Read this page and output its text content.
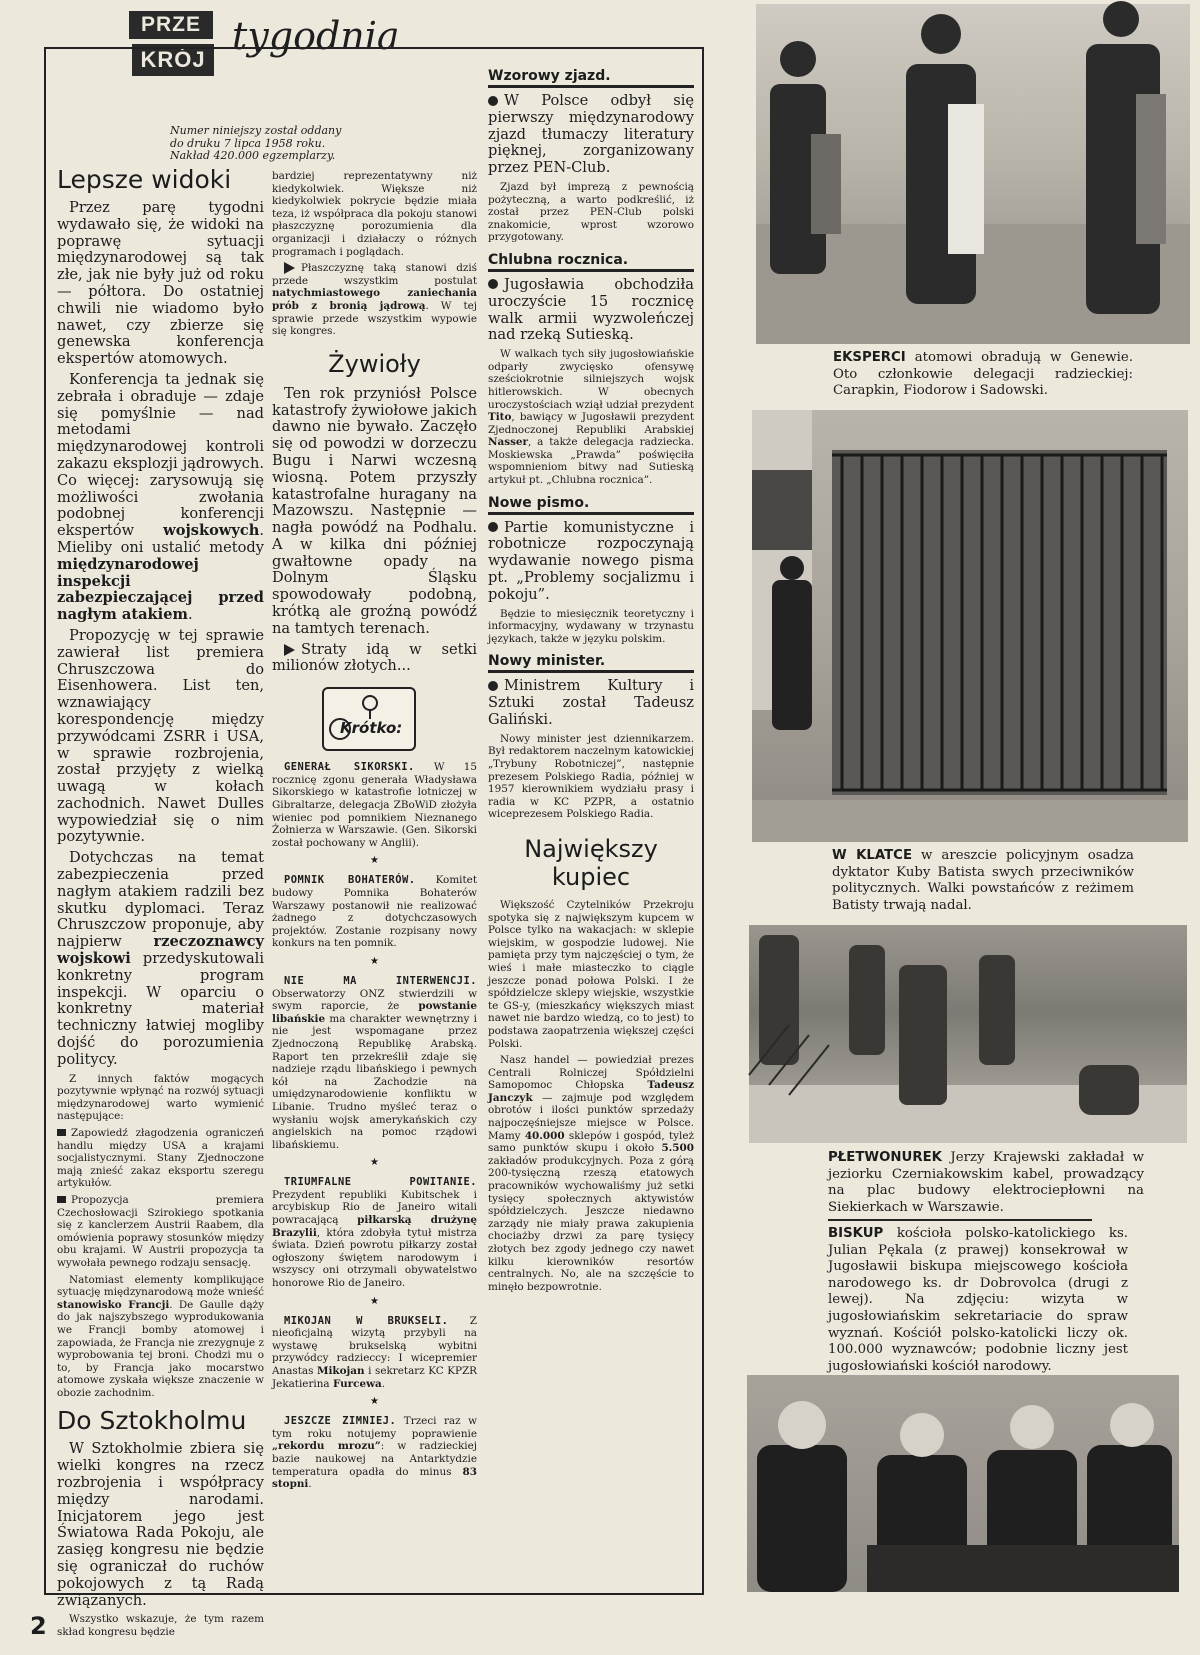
PRZE
KRÓJ
tygodnia
Numer niniejszy został oddany
do druku 7 lipca 1958 roku.
Nakład 420.000 egzemplarzy.
Lepsze widoki

Przez parę tygodni wydawało się, że widoki na poprawę sytuacji międzynarodowej są tak złe, jak nie były już od roku — półtora. Do ostatniej chwili nie wiadomo było nawet, czy zbierze się genewska konferencja ekspertów atomowych.

Konferencja ta jednak się zebrała i obraduje — zdaje się pomyślnie — nad metodami międzynarodowej kontroli zakazu eksplozji jądrowych. Co więcej: zarysowują się możliwości zwołania podobnej konferencji ekspertów wojskowych. Mieliby oni ustalić metody międzynarodowej inspekcji zabezpieczającej przed nagłym atakiem.

Propozycję w tej sprawie zawierał list premiera Chruszczowa do Eisenhowera. List ten, wznawiający korespondencję między przywódcami ZSRR i USA, w sprawie rozbrojenia, został przyjęty z wielką uwagą w kołach zachodnich. Nawet Dulles wypowiedział się o nim pozytywnie.

Dotychczas na temat zabezpieczenia przed nagłym atakiem radzili bez skutku dyplomaci. Teraz Chruszczow proponuje, aby najpierw rzeczoznawcy wojskowi przedyskutowali konkretny program inspekcji. W oparciu o konkretny materiał techniczny łatwiej mogliby dojść do porozumienia politycy.

Z innych faktów mogących pozytywnie wpłynąć na rozwój sytuacji międzynarodowej warto wymienić następujące:

Zapowiedź złagodzenia ograniczeń handlu między USA a krajami socjalistycznymi. Stany Zjednoczone mają znieść zakaz eksportu szeregu artykułów.

Propozycja premiera Czechosłowacji Szirokiego spotkania się z kanclerzem Austrii Raabem, dla omówienia poprawy stosunków między obu krajami. W Austrii propozycja ta wywołała pewnego rodzaju sensację.

Natomiast elementy komplikujące sytuację międzynarodową może wnieść stanowisko Francji. De Gaulle dąży do jak najszybszego wyprodukowania we Francji bomby atomowej i zapowiada, że Francja nie zrezygnuje z wyprobowania tej broni. Chodzi mu o to, by Francja jako mocarstwo atomowe zyskała większe znaczenie w obozie zachodnim.

Do Sztokholmu

W Sztokholmie zbiera się wielki kongres na rzecz rozbrojenia i współpracy między narodami. Inicjatorem jego jest Światowa Rada Pokoju, ale zasięg kongresu nie będzie się ograniczał do ruchów pokojowych z tą Radą związanych.

Wszystko wskazuje, że tym razem skład kongresu będzie

bardziej reprezentatywny niż kiedykolwiek. Większe niż kiedykolwiek pokrycie będzie miała teza, iż współpraca dla pokoju stanowi płaszczyznę porozumienia dla organizacji i działaczy o różnych programach i poglądach.

Płaszczyznę taką stanowi dziś przede wszystkim postulat natychmiastowego zaniechania prób z bronią jądrową. W tej sprawie przede wszystkim wypowie się kongres.

Żywioły

Ten rok przyniósł Polsce katastrofy żywiołowe jakich dawno nie bywało. Zaczęło się od powodzi w dorzeczu Bugu i Narwi wczesną wiosną. Potem przyszły katastrofalne huragany na Mazowszu. Następnie — nagła powódź na Podhalu. A w kilka dni później gwałtowne opady na Dolnym Śląsku spowodowały podobną, krótką ale groźną powódź na tamtych terenach.

Straty idą w setki milionów złotych...

Krótko:

GENERAŁ SIKORSKI. W 15 rocznicę zgonu generała Władysława Sikorskiego w katastrofie lotniczej w Gibraltarze, delegacja ZBoWiD złożyła wieniec pod pomnikiem Nieznanego Żołnierza w Warszawie. (Gen. Sikorski został pochowany w Anglii).

★

POMNIK BOHATERÓW. Komitet budowy Pomnika Bohaterów Warszawy postanowił nie realizować żadnego z dotychczasowych projektów. Zostanie rozpisany nowy konkurs na ten pomnik.

★

NIE MA INTERWENCJI. Obserwatorzy ONZ stwierdzili w swym raporcie, że powstanie libańskie ma charakter wewnętrzny i nie jest wspomagane przez Zjednoczoną Republikę Arabską. Raport ten przekreślił zdaje się nadzieje rządu libańskiego i pewnych kół na Zachodzie na umiędzynarodowienie konfliktu w Libanie. Trudno myśleć teraz o wysłaniu wojsk amerykańskich czy angielskich na pomoc rządowi libańskiemu.

★

TRIUMFALNE POWITANIE. Prezydent republiki Kubitschek i arcybiskup Rio de Janeiro witali powracającą piłkarską drużynę Brazylii, która zdobyła tytuł mistrza świata. Dzień powrotu piłkarzy został ogłoszony świętem narodowym i wszyscy oni otrzymali obywatelstwo honorowe Rio de Janeiro.

★

MIKOJAN W BRUKSELI. Z nieoficjalną wizytą przybyli na wystawę brukselską wybitni przywódcy radzieccy: I wicepremier Anastas Mikojan i sekretarz KC KPZR Jekatierina Furcewa.

★

JESZCZE ZIMNIEJ. Trzeci raz w tym roku notujemy poprawienie „rekordu mrozu”: w radzieckiej bazie naukowej na Antarktydzie temperatura opadła do minus 83 stopni.

Wzorowy zjazd.

W Polsce odbył się pierwszy międzynarodowy zjazd tłumaczy literatury pięknej, zorganizowany przez PEN-Club.

Zjazd był imprezą z pewnością pożyteczną, a warto podkreślić, iż został przez PEN-Club polski znakomicie, wprost wzorowo przygotowany.

Chlubna rocznica.

Jugosławia obchodziła uroczyście 15 rocznicę walk armii wyzwoleńczej nad rzeką Sutieską.

W walkach tych siły jugosłowiańskie odparły zwycięsko ofensywę sześciokrotnie silniejszych wojsk hitlerowskich. W obecnych uroczystościach wziął udział prezydent Tito, bawiący w Jugosławii prezydent Zjednoczonej Republiki Arabskiej Nasser, a także delegacja radziecka. Moskiewska „Prawda” poświęciła wspomnieniom bitwy nad Sutieską artykuł pt. „Chlubna rocznica”.

Nowe pismo.

Partie komunistyczne i robotnicze rozpoczynają wydawanie nowego pisma pt. „Problemy socjalizmu i pokoju”.

Będzie to miesięcznik teoretyczny i informacyjny, wydawany w trzynastu językach, także w języku polskim.

Nowy minister.

Ministrem Kultury i Sztuki został Tadeusz Galiński.

Nowy minister jest dziennikarzem. Był redaktorem naczelnym katowickiej „Trybuny Robotniczej”, następnie prezesem Polskiego Radia, później w 1957 kierownikiem wydziału prasy i radia w KC PZPR, a ostatnio wiceprezesem Polskiego Radia.

Największy kupiec

Większość Czytelników Przekroju spotyka się z największym kupcem w Polsce tylko na wakacjach: w sklepie wiejskim, w gospodzie ludowej. Nie pamięta przy tym najczęściej o tym, że wieś i małe miasteczko to ciągle jeszcze ponad połowa Polski. I że spółdzielcze sklepy wiejskie, wszystkie te GS-y, (mieszkańcy większych miast nawet nie bardzo wiedzą, co to jest) to podstawa zaopatrzenia większej części Polski.

Nasz handel — powiedział prezes Centrali Rolniczej Spółdzielni Samopomoc Chłopska Tadeusz Janczyk — zajmuje pod względem obrotów i ilości punktów sprzedaży najpoczęśniejsze miejsce w Polsce. Mamy 40.000 sklepów i gospód, tyleż samo punktów skupu i około 5.500 zakładów produkcyjnych. Poza z górą 200-tysięczną rzeszą etatowych pracowników wychowaliśmy już setki tysięcy społecznych aktywistów spółdzielczych. Jeszcze niedawno zarządy nie miały prawa zakupienia chociażby drzwi za parę tysięcy złotych bez zgody jednego czy nawet kilku kierowników resortów centralnych. No, ale na szczęście to minęło bezpowrotnie.

EKSPERCI atomowi obradują w Genewie. Oto członkowie delegacji radzieckiej: Carapkin, Fiodorow i Sadowski.
W KLATCE w areszcie policyjnym osadza dyktator Kuby Batista swych przeciwników politycznych. Walki powstańców z reżimem Batisty trwają nadal.
PŁETWONUREK Jerzy Krajewski zakładał w jeziorku Czerniakowskim kabel, prowadzący na plac budowy elektrociepłowni na Siekierkach w Warszawie.
BISKUP kościoła polsko-katolickiego ks. Julian Pękala (z prawej) konsekrował w Jugosławii biskupa miejscowego kościoła narodowego ks. dr Dobrovolca (drugi z lewej). Na zdjęciu: wizyta w jugosłowiańskim sekretariacie do spraw wyznań. Kościół polsko-katolicki liczy ok. 100.000 wyznawców; podobnie liczny jest jugosłowiański kościół narodowy.
2
